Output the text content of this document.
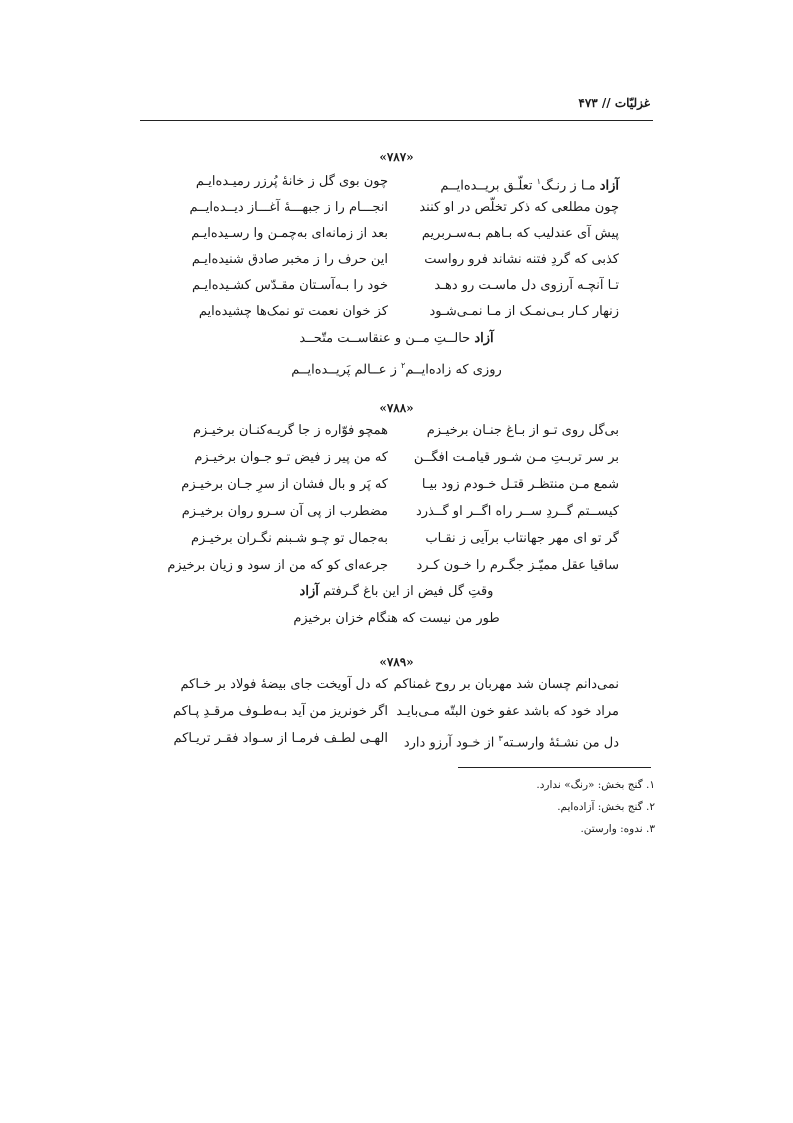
غزلیّات // ۴۷۳
«۷۸۷»
آزاد مـا ز رنـگ$^۱$ تعلّـق بریــده‌ایــم
چون بوی گل ز خانهٔ پُرزر رمیـده‌ایـم
چون مطلعی که ذکر تخلّص در او کنند
انجـــام را ز جبهـــهٔ آغـــاز دیــده‌ایــم
پیش آی عندلیب که بـاهم بـه‌سـربریم
بعد از زمانه‌ای به‌چمـن وا رسـیده‌ایـم
کذبی که گردِ فتنه نشاند فرو رواست
این حرف را ز مخبر صادق شنیده‌ایـم
تـا آنچـه آرزوی دل ماسـت رو دهـد
خود را بـه‌آسـتان مقـدّس کشـیده‌ایـم
زنهار کـار بـی‌نمـک از مـا نمـی‌شـود
کز خوان نعمت تو نمک‌ها چشیده‌ایم
آزاد حالــتِ مــن و عنقاســت متّحــد
روزی که زاده‌ایــم$^۲$ ز عــالم پَریــده‌ایــم
«۷۸۸»
بی‌گل روی تـو از بـاغ جنـان برخیـزم
همچو فوّاره ز جا گریـه‌کنـان برخیـزم
بر سر تربـتِ مـن شـور قیامـت افگــن
که من پیر ز فیض تـو جـوان برخیـزم
شمع مـن منتظـر قتـل خـودم زود بیـا
که پَر و بال فشان از سرِ جـان برخیـزم
کیســتم گــردِ ســر راه اگــر او گــذرد
مضطرب از پی آن سـرو روان برخیـزم
گر تو ای مهر جهانتاب برآیی ز نقـاب
به‌جمال تو چـو شـبنم نگـران برخیـزم
ساقیا عقل ممیّـز جگـرم را خـون کـرد
جرعه‌ای کو که من از سود و زیان برخیزم
وقتِ گل فیض از این باغ گـرفتم آزاد
طور من نیست که هنگام خزان برخیزم
«۷۸۹»
نمی‌دانم چسان شد مهربان بر روح غمناکم
که دل آویخت جای بیضهٔ فولاد بر خـاکم
مراد خود که باشد عفو خون البتّه مـی‌بایـد
اگر خونریز من آید بـه‌طـوف مرقـدِ پـاکم
دل من نشـئهٔ وارسـته$^۳$ از خـود آرزو دارد
الهـی لطـف فرمـا از سـواد فقـر تریـاکم
۱. گنج بخش: «رنگ» ندارد.
۲. گنج بخش: آزاده‌ایم.
۳. ندوه: وارستن.
